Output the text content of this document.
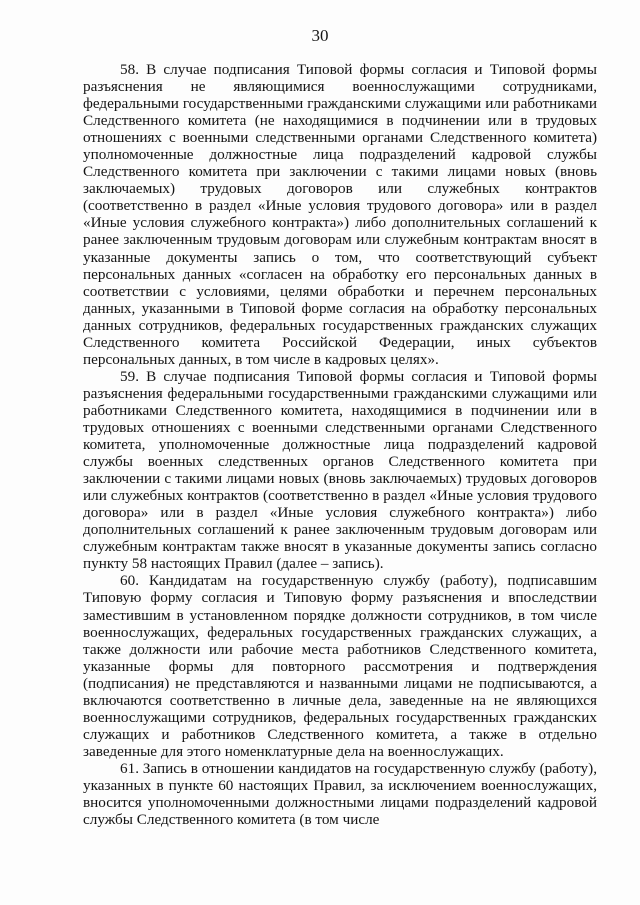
30

58. В случае подписания Типовой формы согласия и Типовой формы разъяснения не являющимися военнослужащими сотрудниками, федеральными государственными гражданскими служащими или работниками Следственного комитета (не находящимися в подчинении или в трудовых отношениях с военными следственными органами Следственного комитета) уполномоченные должностные лица подразделений кадровой службы Следственного комитета при заключении с такими лицами новых (вновь заключаемых) трудовых договоров или служебных контрактов (соответственно в раздел «Иные условия трудового договора» или в раздел «Иные условия служебного контракта») либо дополнительных соглашений к ранее заключенным трудовым договорам или служебным контрактам вносят в указанные документы запись о том, что соответствующий субъект персональных данных «согласен на обработку его персональных данных в соответствии с условиями, целями обработки и перечнем персональных данных, указанными в Типовой форме согласия на обработку персональных данных сотрудников, федеральных государственных гражданских служащих Следственного комитета Российской Федерации, иных субъектов персональных данных, в том числе в кадровых целях».

59. В случае подписания Типовой формы согласия и Типовой формы разъяснения федеральными государственными гражданскими служащими или работниками Следственного комитета, находящимися в подчинении или в трудовых отношениях с военными следственными органами Следственного комитета, уполномоченные должностные лица подразделений кадровой службы военных следственных органов Следственного комитета при заключении с такими лицами новых (вновь заключаемых) трудовых договоров или служебных контрактов (соответственно в раздел «Иные условия трудового договора» или в раздел «Иные условия служебного контракта») либо дополнительных соглашений к ранее заключенным трудовым договорам или служебным контрактам также вносят в указанные документы запись согласно пункту 58 настоящих Правил (далее – запись).

60. Кандидатам на государственную службу (работу), подписавшим Типовую форму согласия и Типовую форму разъяснения и впоследствии заместившим в установленном порядке должности сотрудников, в том числе военнослужащих, федеральных государственных гражданских служащих, а также должности или рабочие места работников Следственного комитета, указанные формы для повторного рассмотрения и подтверждения (подписания) не представляются и названными лицами не подписываются, а включаются соответственно в личные дела, заведенные на не являющихся военнослужащими сотрудников, федеральных государственных гражданских служащих и работников Следственного комитета, а также в отдельно заведенные для этого номенклатурные дела на военнослужащих.

61. Запись в отношении кандидатов на государственную службу (работу), указанных в пункте 60 настоящих Правил, за исключением военнослужащих, вносится уполномоченными должностными лицами подразделений кадровой службы Следственного комитета (в том числе
